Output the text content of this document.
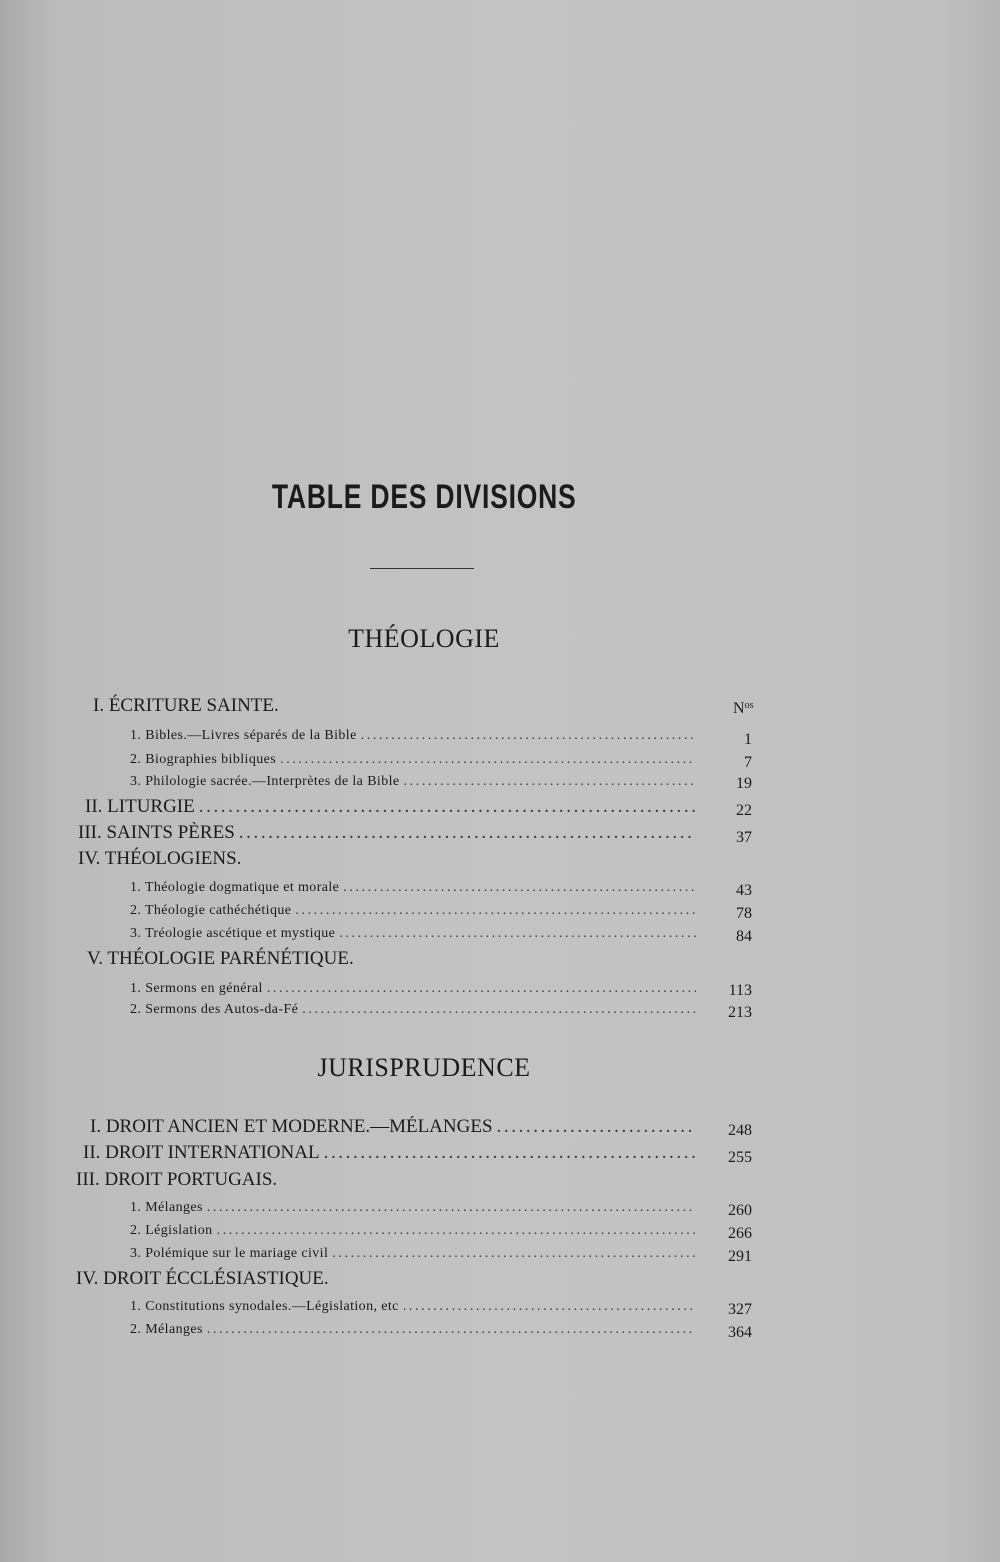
TABLE DES DIVISIONS
THÉOLOGIE
$N^{os}$
I. ÉCRITURE SAINTE.
1. Bibles.—Livres séparés de la Bible .....	1
2. Biographies bibliques .....	7
3. Philologie sacrée.—Interprètes de la Bible .....	19
II. LITURGIE .....	22
III. SAINTS PÈRES .....	37
IV. THÉOLOGIENS.
1. Théologie dogmatique et morale .....	43
2. Théologie cathéchétique .....	78
3. Tréologie ascétique et mystique .....	84
V. THÉOLOGIE PARÉNÉTIQUE.
1. Sermons en général .....	113
2. Sermons des Autos-da-Fé .....	213
JURISPRUDENCE
I. DROIT ANCIEN ET MODERNE.—MÉLANGES .....	248
II. DROIT INTERNATIONAL .....	255
III. DROIT PORTUGAIS.
1. Mélanges .....	260
2. Législation .....	266
3. Polémique sur le mariage civil .....	291
IV. DROIT ÉCCLÉSIASTIQUE.
1. Constitutions synodales.—Législation, etc .....	327
2. Mélanges .....	364
